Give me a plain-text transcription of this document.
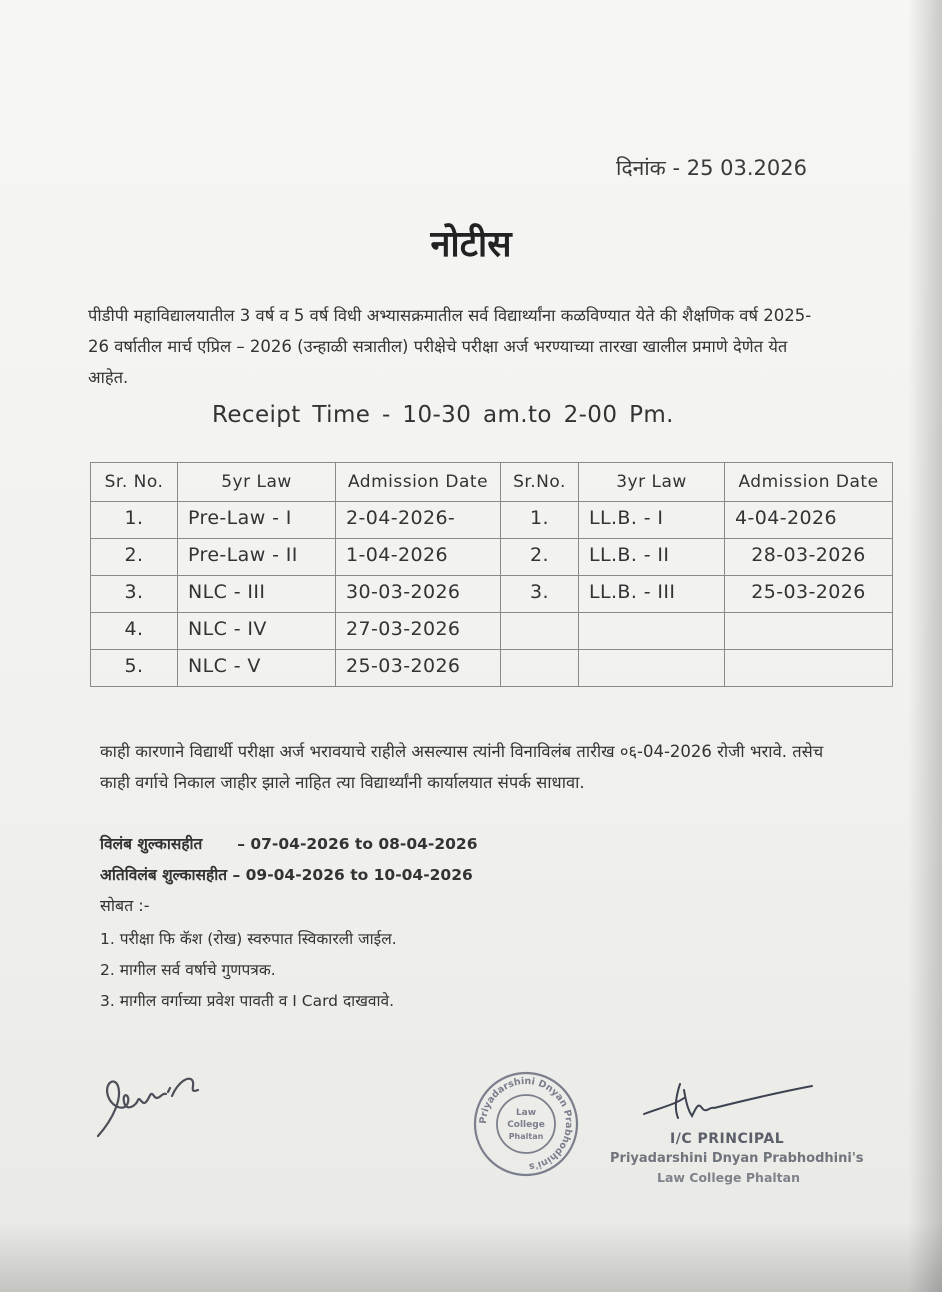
दिनांक - 25 03.2026
नोटीस
पीडीपी महाविद्यालयातील 3 वर्ष व 5 वर्ष विधी अभ्यासक्रमातील सर्व विद्यार्थ्यांना कळविण्यात येते की शैक्षणिक वर्ष 2025-26 वर्षातील मार्च एप्रिल – 2026 (उन्हाळी सत्रातील) परीक्षेचे परीक्षा अर्ज भरण्याच्या तारखा खालील प्रमाणे देणेत येत आहेत.
Receipt Time - 10-30 am.to 2-00 Pm.
Sr. No.	5yr Law	Admission Date	Sr.No.	3yr Law	Admission Date
1.	Pre-Law - I	2-04-2026-	1.	LL.B. - I	4-04-2026
2.	Pre-Law - II	1-04-2026	2.	LL.B. - II	28-03-2026
3.	NLC - III	30-03-2026	3.	LL.B. - III	25-03-2026
4.	NLC - IV	27-03-2026			
5.	NLC - V	25-03-2026			
काही कारणाने विद्यार्थी परीक्षा अर्ज भरावयाचे राहीले असल्यास त्यांनी विनाविलंब तारीख ०६-04-2026 रोजी भरावे. तसेच काही वर्गाचे निकाल जाहीर झाले नाहित त्या विद्यार्थ्यांनी कार्यालयात संपर्क साधावा.
विलंब शुल्कासहीत – 07-04-2026 to 08-04-2026
अतिविलंब शुल्कासहीत – 09-04-2026 to 10-04-2026
सोबत :-
1. परीक्षा फि कॅश (रोख) स्वरुपात स्विकारली जाईल.
2. मागील सर्व वर्षाचे गुणपत्रक.
3. मागील वर्गाच्या प्रवेश पावती व I Card दाखवावे.
Priyadarshini Dnyan Prabhodhini's
Law
College
Phaltan	I/C PRINCIPAL
Priyadarshini Dnyan Prabhodhini's
Law College Phaltan
